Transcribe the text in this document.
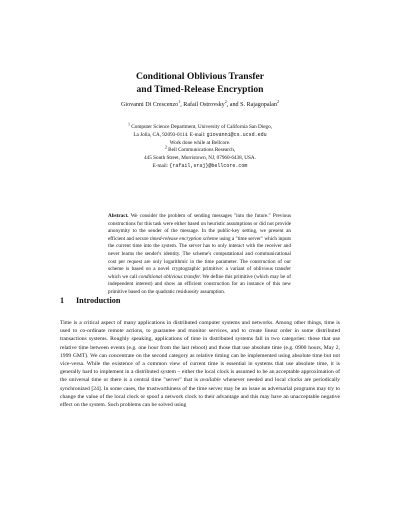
Conditional Oblivious Transfer
and Timed-Release Encryption
Giovanni Di Crescenzo$^1$, Rafail Ostrovsky$^2$, and S. Rajagopalan$^2$
$^1$ Computer Science Department, University of California San Diego,
La Jolla, CA, 92093-0114. E-mail: giovanni@cs.ucsd.edu
Work done while at Bellcore.
$^2$ Bell Communications Research,
445 South Street, Morristown, NJ, 07960-6438, USA.
E-mail: {rafail,sraj}@bellcore.com
Abstract. We consider the problem of sending messages "into the future." Previous constructions for this task were either based on heuristic assumptions or did not provide anonymity to the sender of the message. In the public-key setting, we present an efficient and secure timed-release encryption scheme using a "time server" which inputs the current time into the system. The server has to only interact with the receiver and never learns the sender's identity. The scheme's computational and communicational cost per request are only logarithmic in the time parameter. The construction of our scheme is based on a novel cryptographic primitive: a variant of oblivious transfer which we call conditional oblivious transfer. We define this primitive (which may be of independent interest) and show an efficient construction for an instance of this new primitive based on the quadratic residuosity assumption.
1 Introduction
Time is a critical aspect of many applications in distributed computer systems and networks. Among other things, time is used to co-ordinate remote actions, to guarantee and monitor services, and to create linear order in some distributed transactions systems. Roughly speaking, applications of time in distributed systems fall in two categories: those that use relative time between events (e.g. one hour from the last reboot) and those that use absolute time (e.g. 0900 hours, May 2, 1999 GMT). We can concentrate on the second category as relative timing can be implemented using absolute time but not vice-versa. While the existence of a common view of current time is essential in systems that use absolute time, it is generally hard to implement in a distributed system – either the local clock is assumed to be an acceptable approximation of the universal time or there is a central time "server" that is available whenever needed and local clocks are periodically synchronized [24]. In some cases, the trustworthiness of the time server may be an issue as adversarial programs may try to change the value of the local clock or spoof a network clock to their advantage and this may have an unacceptable negative effect on the system. Such problems can be solved using
